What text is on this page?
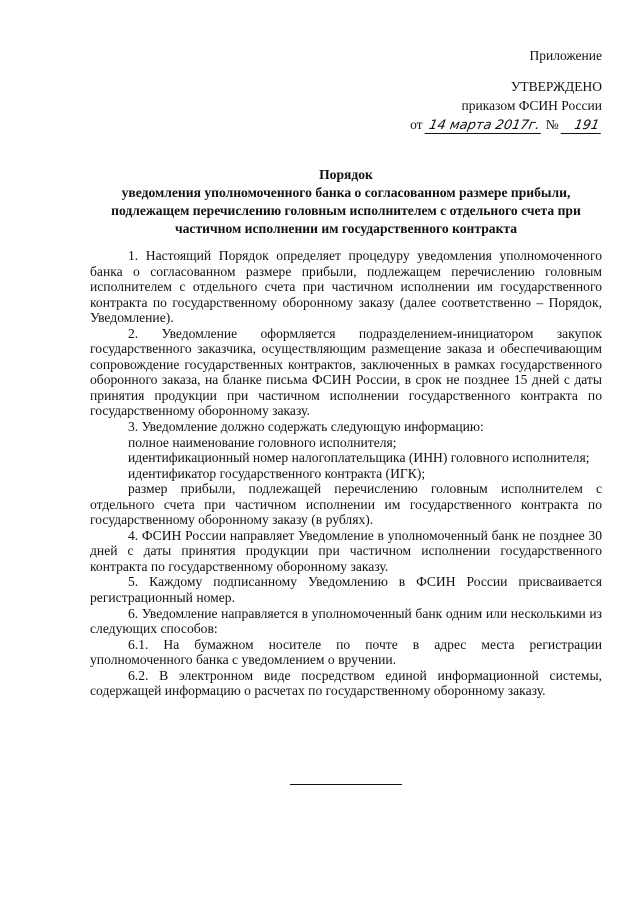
Приложение
УТВЕРЖДЕНО
приказом ФСИН России
от 14 марта 2017г. № 191
Порядок
уведомления уполномоченного банка о согласованном размере прибыли, подлежащем перечислению головным исполнителем с отдельного счета при частичном исполнении им государственного контракта

1. Настоящий Порядок определяет процедуру уведомления уполномоченного банка о согласованном размере прибыли, подлежащем перечислению головным исполнителем с отдельного счета при частичном исполнении им государственного контракта по государственному оборонному заказу (далее соответственно – Порядок, Уведомление).

2. Уведомление оформляется подразделением-инициатором закупок государственного заказчика, осуществляющим размещение заказа и обеспечивающим сопровождение государственных контрактов, заключенных в рамках государственного оборонного заказа, на бланке письма ФСИН России, в срок не позднее 15 дней с даты принятия продукции при частичном исполнении государственного контракта по государственному оборонному заказу.

3. Уведомление должно содержать следующую информацию:

полное наименование головного исполнителя;

идентификационный номер налогоплательщика (ИНН) головного исполнителя;

идентификатор государственного контракта (ИГК);

размер прибыли, подлежащей перечислению головным исполнителем с отдельного счета при частичном исполнении им государственного контракта по государственному оборонному заказу (в рублях).

4. ФСИН России направляет Уведомление в уполномоченный банк не позднее 30 дней с даты принятия продукции при частичном исполнении государственного контракта по государственному оборонному заказу.

5. Каждому подписанному Уведомлению в ФСИН России присваивается регистрационный номер.

6. Уведомление направляется в уполномоченный банк одним или несколькими из следующих способов:

6.1. На бумажном носителе по почте в адрес места регистрации уполномоченного банка с уведомлением о вручении.

6.2. В электронном виде посредством единой информационной системы, содержащей информацию о расчетах по государственному оборонному заказу.
